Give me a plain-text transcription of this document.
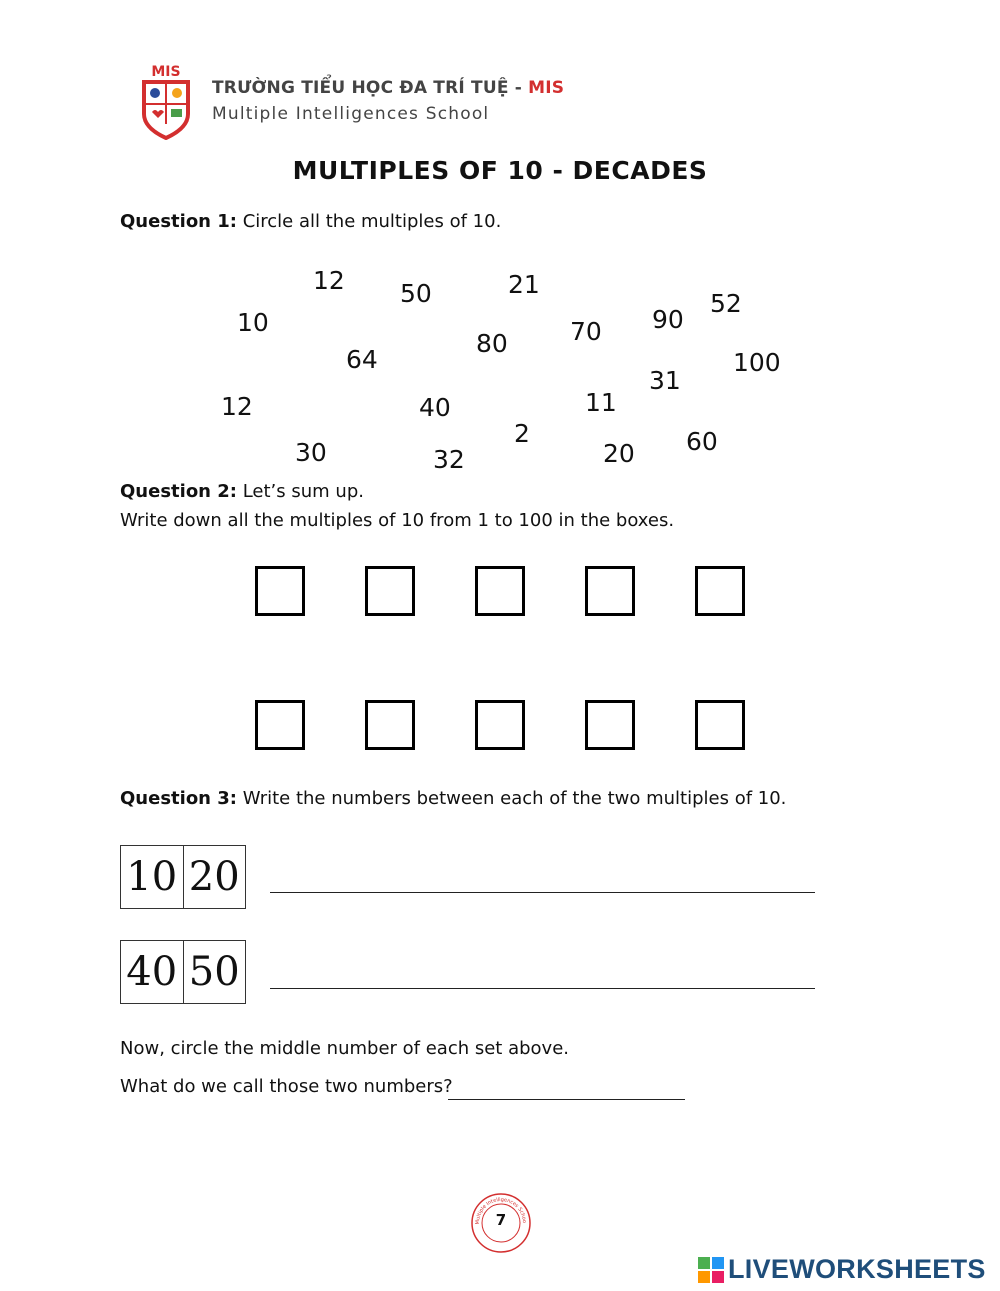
MIS
TRƯỜNG TIỂU HỌC ĐA TRÍ TUỆ - MIS
Multiple Intelligences School
MULTIPLES OF 10 - DECADES
Question 1: Circle all the multiples of 10.
12 50	21
10	90
52
70
80
64	100
31
12	40	11
2	60
30	32	20
Question 2: Let’s sum up.
Write down all the multiples of 10 from 1 to 100 in the boxes.
Question 3: Write the numbers between each of the two multiples of 10.
10 20
40 50
Now, circle the middle number of each set above.
What do we call those two numbers?
Multiple Intelligences Schoo
7
LIVEWORKSHEETS
